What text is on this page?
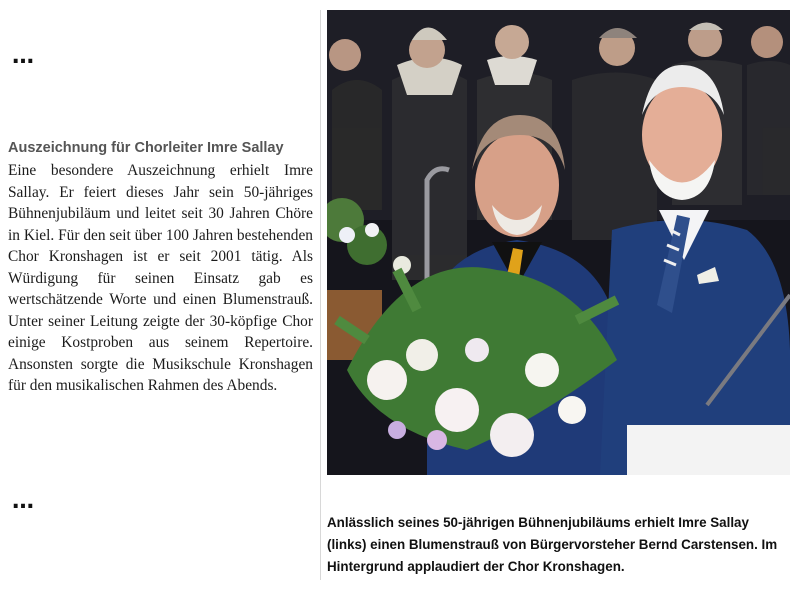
…

Auszeichnung für Chorleiter Imre Sallay

Eine besondere Auszeichnung erhielt Imre Sallay. Er feiert dieses Jahr sein 50-jähriges Bühnenjubiläum und leitet seit 30 Jahren Chöre in Kiel. Für den seit über 100 Jahren bestehenden Chor Kronshagen ist er seit 2001 tätig. Als Würdigung für seinen Einsatz gab es wertschätzende Worte und einen Blumenstrauß. Unter seiner Leitung zeigte der 30-köpfige Chor einige Kostproben aus seinem Repertoire. Ansonsten sorgte die Musikschule Kronshagen für den musikalischen Rahmen des Abends.

…

Anlässlich seines 50-jährigen Bühnenjubiläums erhielt Imre Sallay (links) einen Blumenstrauß von Bürgervorsteher Bernd Carstensen. Im Hintergrund applaudiert der Chor Kronshagen.
